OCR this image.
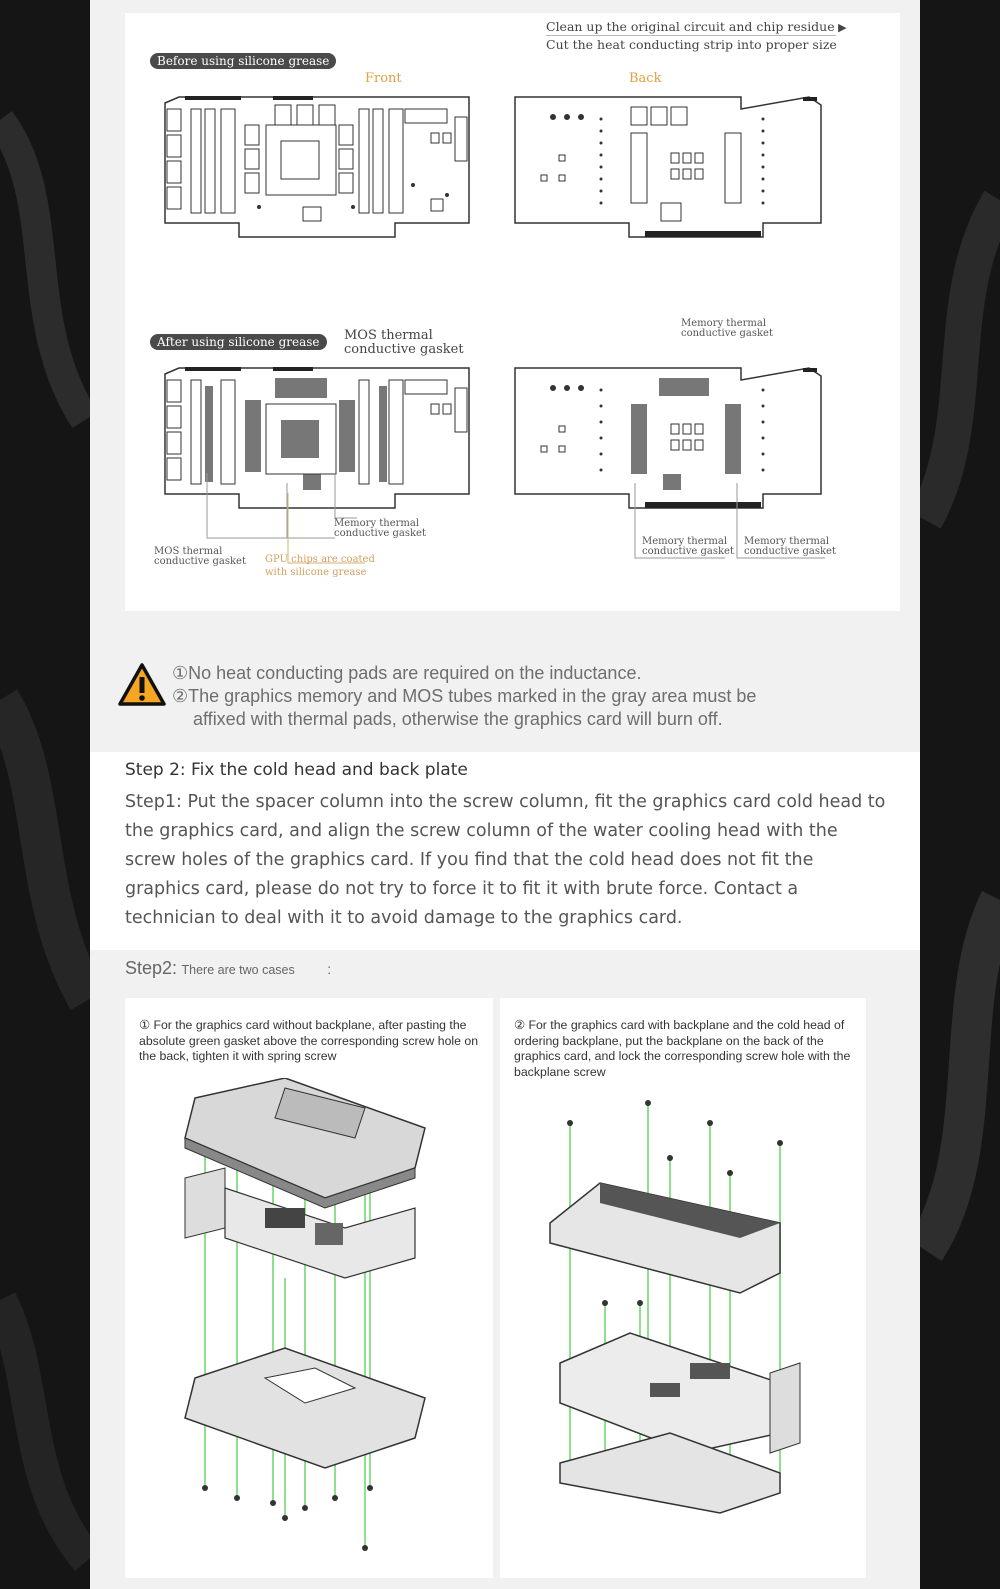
Clean up the original circuit and chip residue ▶
Cut the heat conducting strip into proper size
Before using silicone grease
Front	Back
After using silicone grease	MOS thermal
conductive gasket
Memory thermal
conductive gasket
Memory thermal
conductive gasket
MOS thermal
conductive gasket GPU chips are coated
with silicone grease
Memory thermal
conductive gasket
Memory thermal
conductive gasket
①No heat conducting pads are required on the inductance.
②The graphics memory and MOS tubes marked in the gray area must be
affixed with thermal pads, otherwise the graphics card will burn off.
Step 2: Fix the cold head and back plate
Step1: Put the spacer column into the screw column, fit the graphics card cold head to the graphics card, and align the screw column of the water cooling head with the screw holes of the graphics card. If you find that the cold head does not fit the graphics card, please do not try to force it to fit it with brute force. Contact a technician to deal with it to avoid damage to the graphics card.
Step2: There are two cases :
① For the graphics card without backplane, after pasting the absolute green gasket above the corresponding screw hole on the back, tighten it with spring screw
② For the graphics card with backplane and the cold head of ordering backplane, put the backplane on the back of the graphics card, and lock the corresponding screw hole with the backplane screw
